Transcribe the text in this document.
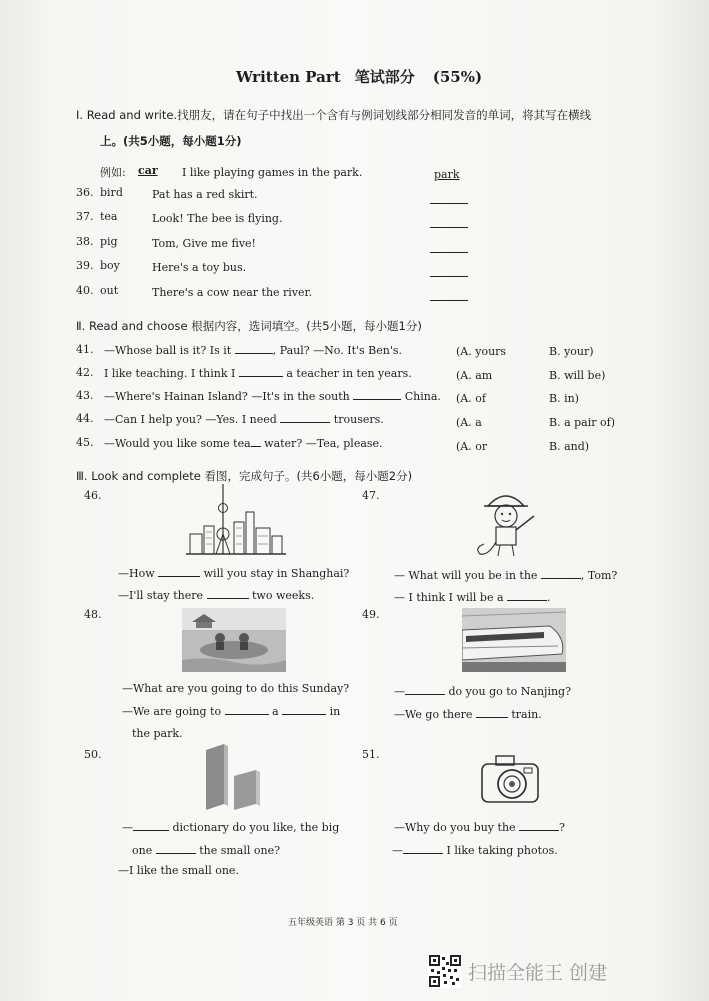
Written Part 笔试部分 (55%)
Ⅰ. Read and write.找朋友，请在句子中找出一个含有与例词划线部分相同发音的单词，将其写在横线
上。(共5小题，每小题1分)
例如: car I like playing games in the park.	park
36. bird	Pat has a red skirt.
37. tea	Look! The bee is flying.
38. pig	Tom, Give me five!
39. boy	Here's a toy bus.
40. out	There's a cow near the river.
Ⅱ. Read and choose 根据内容，选词填空。(共5小题，每小题1分)
41. —Whose ball is it? Is it	, Paul? —No. It's Ben's.	(A. yours	B. your)
42. I like teaching. I think I	a teacher in ten years.	(A. am	B. will be)
43. —Where's Hainan Island? —It's in the south	China. (A. of	B. in)
44. —Can I help you? —Yes. I need	trousers.	(A. a	B. a pair of)
45. —Would you like some tea water? —Tea, please.	(A. or	B. and)
Ⅲ. Look and complete 看图，完成句子。(共6小题，每小题2分)
46.
—How	will you stay in Shanghai?
—I'll stay there	two weeks.
47.
— What will you be in the	, Tom?
— I think I will be a	.
48.
—What are you going to do this Sunday?
—We are going to	a	in
the park.
49.
—	do you go to Nanjing?
—We go there	train.
50.
—	dictionary do you like, the big
one	the small one?
—I like the small one.
51.
—Why do you buy the	?
—	I like taking photos.
五年级英语 第 3 页 共 6 页
扫描全能王 创建
